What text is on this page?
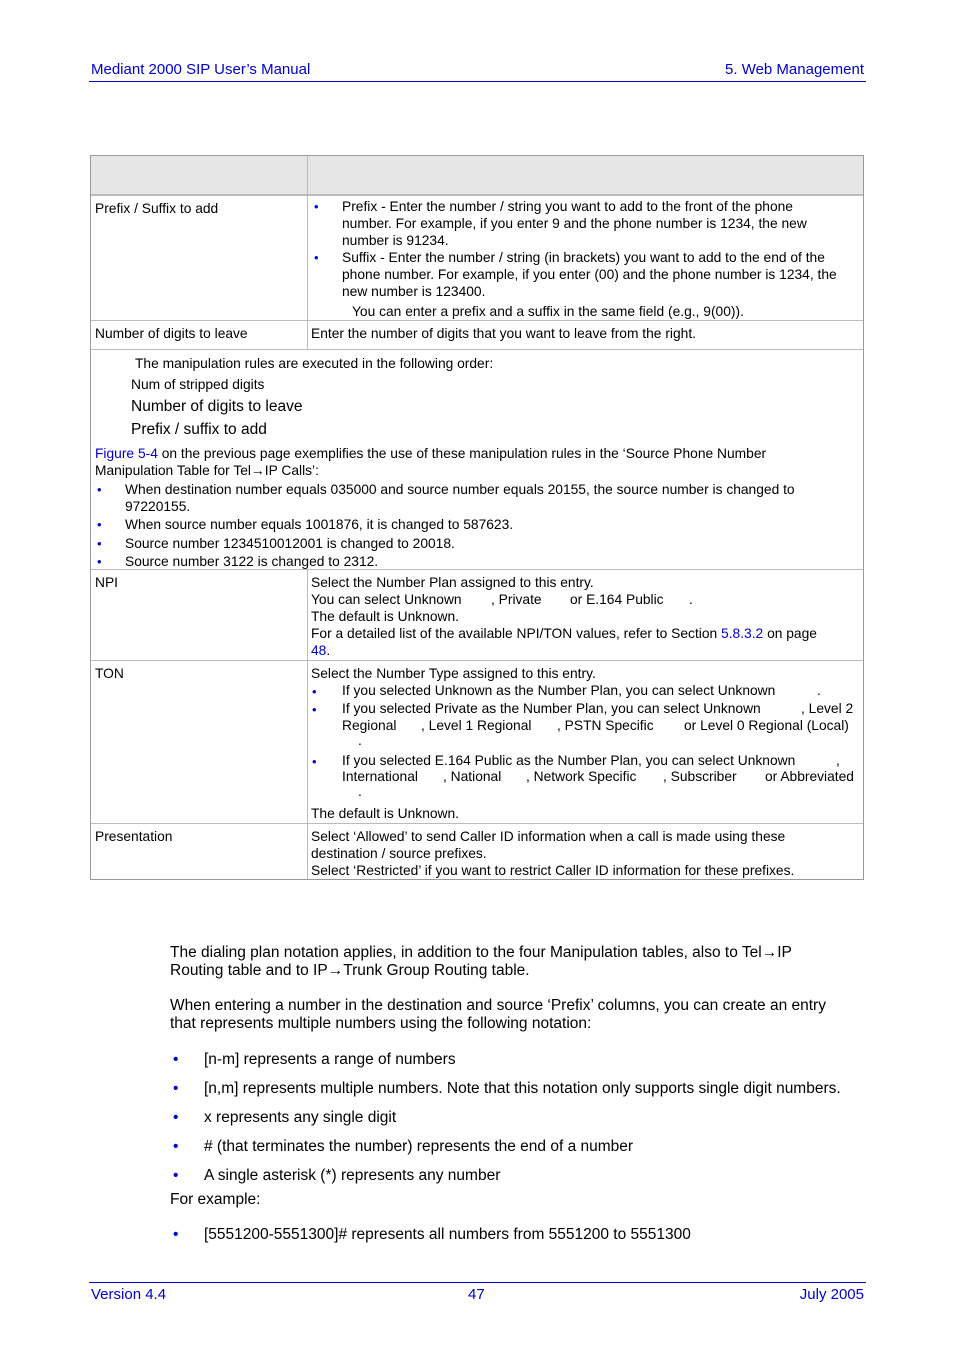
Mediant 2000 SIP User’s Manual	5. Web Management
Prefix / Suffix to add
•	Prefix - Enter the number / string you want to add to the front of the phone
number. For example, if you enter 9 and the phone number is 1234, the new
number is 91234.
• Suffix - Enter the number / string (in brackets) you want to add to the end of the
phone number. For example, if you enter (00) and the phone number is 1234, the
new number is 123400.
You can enter a prefix and a suffix in the same field (e.g., 9(00)).
Number of digits to leave	Enter the number of digits that you want to leave from the right.
The manipulation rules are executed in the following order:
Num of stripped digits
Number of digits to leave
Prefix / suffix to add
Figure 5-4 on the previous page exemplifies the use of these manipulation rules in the ‘Source Phone Number
Manipulation Table for Tel→IP Calls’:
• When destination number equals 035000 and source number equals 20155, the source number is changed to
97220155.
• When source number equals 1001876, it is changed to 587623.
• Source number 1234510012001 is changed to 20018.
• Source number 3122 is changed to 2312.
NPI	Select the Number Plan assigned to this entry.
You can select Unknown , Private or E.164 Public .
The default is Unknown.
For a detailed list of the available NPI/TON values, refer to Section 5.8.3.2 on page
48.
TON	Select the Number Type assigned to this entry.
• If you selected Unknown as the Number Plan, you can select Unknown	.
• If you selected Private as the Number Plan, you can select Unknown	, Level 2
Regional , Level 1 Regional , PSTN Specific or Level 0 Regional (Local)
.
• If you selected E.164 Public as the Number Plan, you can select Unknown	,
International , National , Network Specific , Subscriber or Abbreviated
.
The default is Unknown.
Presentation	Select ‘Allowed’ to send Caller ID information when a call is made using these
destination / source prefixes.
Select ‘Restricted’ if you want to restrict Caller ID information for these prefixes.
The dialing plan notation applies, in addition to the four Manipulation tables, also to Tel→IP
Routing table and to IP→Trunk Group Routing table.
When entering a number in the destination and source ‘Prefix’ columns, you can create an entry
that represents multiple numbers using the following notation:
• [n-m] represents a range of numbers
• [n,m] represents multiple numbers. Note that this notation only supports single digit numbers.
• x represents any single digit
• # (that terminates the number) represents the end of a number
• A single asterisk (*) represents any number
For example:
• [5551200-5551300]# represents all numbers from 5551200 to 5551300
Version 4.4	47	July 2005
